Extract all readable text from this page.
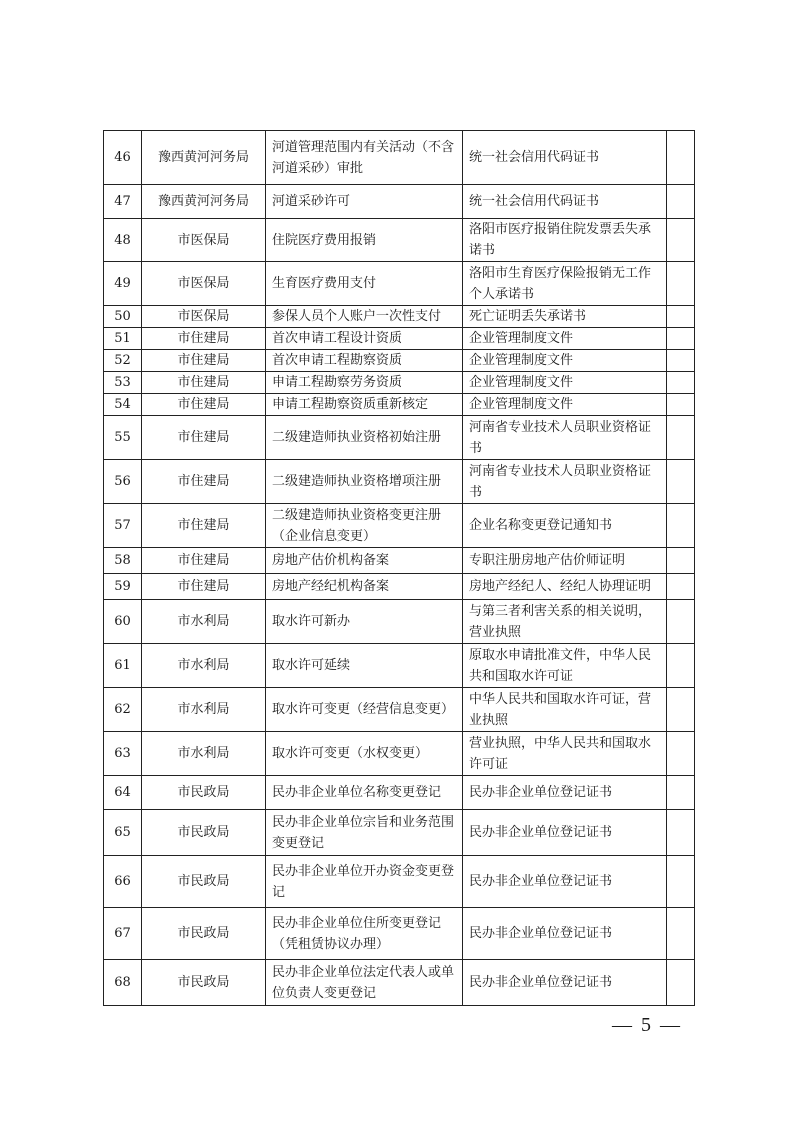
46	豫西黄河河务局	河道管理范围内有关活动（不含河道采砂）审批	统一社会信用代码证书	
47	豫西黄河河务局	河道采砂许可	统一社会信用代码证书	
48	市医保局	住院医疗费用报销	洛阳市医疗报销住院发票丢失承诺书	
49	市医保局	生育医疗费用支付	洛阳市生育医疗保险报销无工作个人承诺书	
50	市医保局	参保人员个人账户一次性支付	死亡证明丢失承诺书	
51	市住建局	首次申请工程设计资质	企业管理制度文件	
52	市住建局	首次申请工程勘察资质	企业管理制度文件	
53	市住建局	申请工程勘察劳务资质	企业管理制度文件	
54	市住建局	申请工程勘察资质重新核定	企业管理制度文件	
55	市住建局	二级建造师执业资格初始注册	河南省专业技术人员职业资格证书	
56	市住建局	二级建造师执业资格增项注册	河南省专业技术人员职业资格证书	
57	市住建局	二级建造师执业资格变更注册（企业信息变更）	企业名称变更登记通知书	
58	市住建局	房地产估价机构备案	专职注册房地产估价师证明	
59	市住建局	房地产经纪机构备案	房地产经纪人、经纪人协理证明	
60	市水利局	取水许可新办	与第三者利害关系的相关说明，营业执照	
61	市水利局	取水许可延续	原取水申请批准文件，中华人民共和国取水许可证	
62	市水利局	取水许可变更（经营信息变更）	中华人民共和国取水许可证，营业执照	
63	市水利局	取水许可变更（水权变更）	营业执照，中华人民共和国取水许可证	
64	市民政局	民办非企业单位名称变更登记	民办非企业单位登记证书	
65	市民政局	民办非企业单位宗旨和业务范围变更登记	民办非企业单位登记证书	
66	市民政局	民办非企业单位开办资金变更登记	民办非企业单位登记证书	
67	市民政局	民办非企业单位住所变更登记（凭租赁协议办理）	民办非企业单位登记证书	
68	市民政局	民办非企业单位法定代表人或单位负责人变更登记	民办非企业单位登记证书	
— 5 —
